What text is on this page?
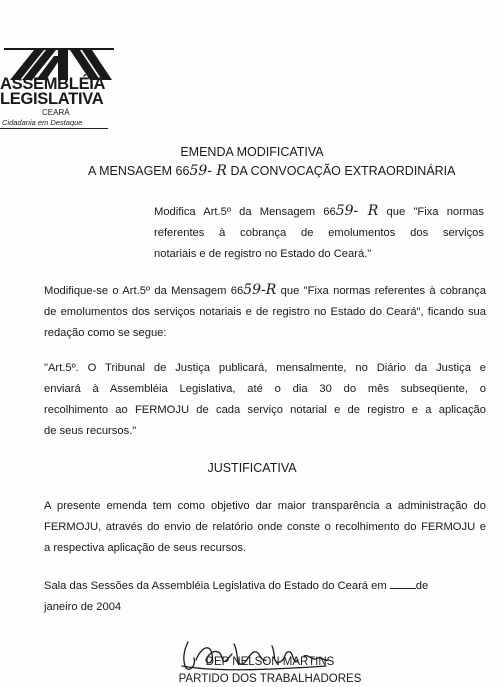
ASSEMBLÉIA
LEGISLATIVA
CEARÁ
Cidadania em Destaque
EMENDA MODIFICATIVA
A MENSAGEM 6659- R DA CONVOCAÇÃO EXTRAORDINÁRIA
Modifica Art.5º da Mensagem 6659- R que "Fixa normas
referentes à cobrança de emolumentos dos serviços
notariais e de registro no Estado do Ceará."
Modifique-se o Art.5º da Mensagem 6659-R que "Fixa normas referentes à cobrança
de emolumentos dos serviços notariais e de registro no Estado do Ceará", ficando sua
redação como se segue:
"Art.5º. O Tribunal de Justiça publicará, mensalmente, no Diário da Justiça e
enviará à Assembléia Legislativa, até o dia 30 do mês subseqüente, o
recolhimento ao FERMOJU de cada serviço notarial e de registro e a aplicação
de seus recursos."
JUSTIFICATIVA
A presente emenda tem como objetivo dar maior transparência a administração do
FERMOJU, através do envio de relatório onde conste o recolhimento do FERMOJU e
a respectiva aplicação de seus recursos.
Sala das Sessões da Assembléia Legislativa do Estado do Ceará em	de
janeiro de 2004
DEP NELSON MARTINS
PARTIDO DOS TRABALHADORES
